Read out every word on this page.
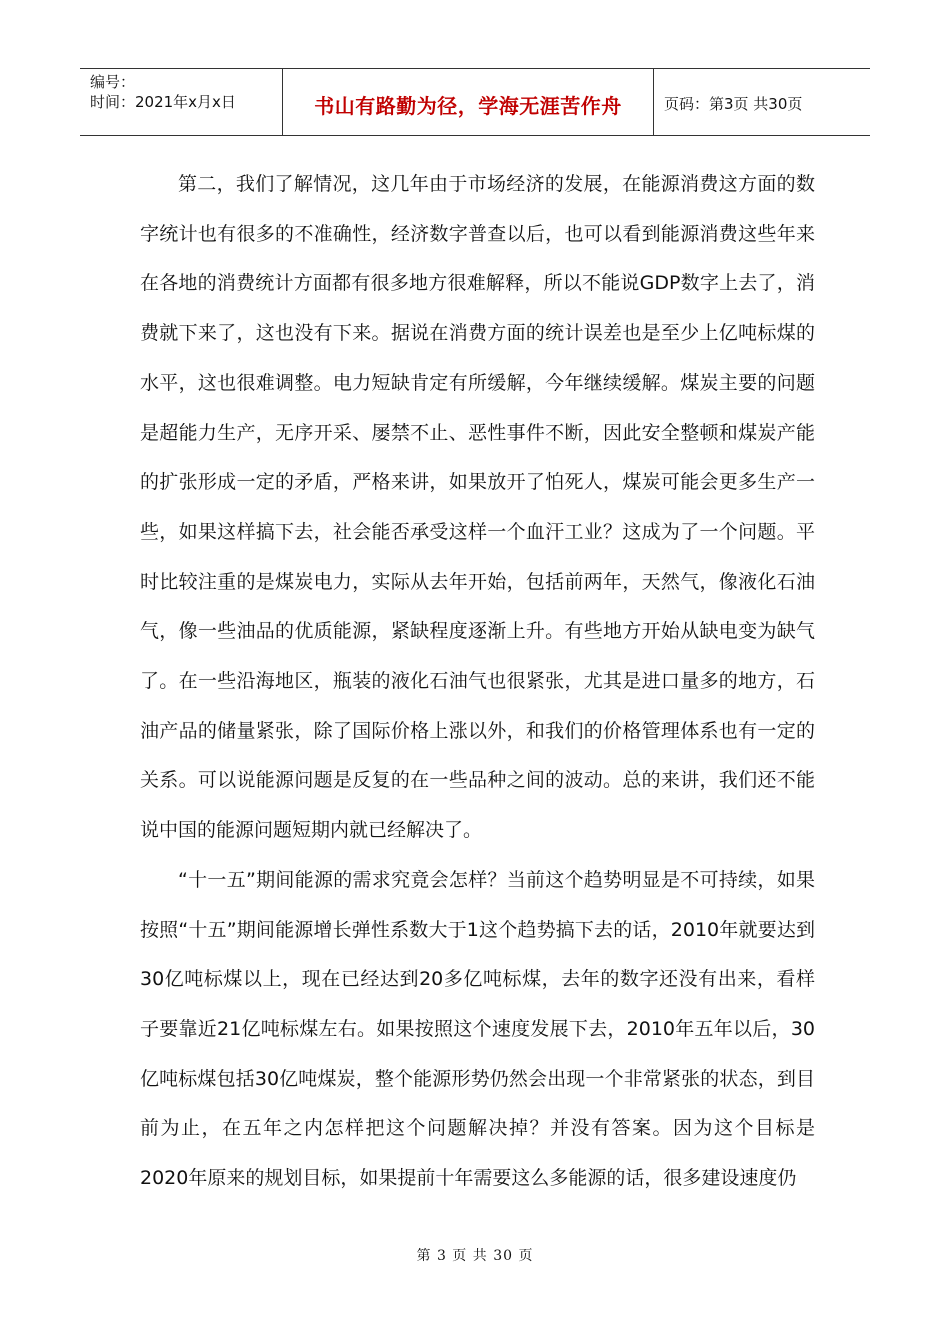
编号：
时间：2021年x月x日	书山有路勤为径，学海无涯苦作舟	页码：第3页 共30页

第二，我们了解情况，这几年由于市场经济的发展，在能源消费这方面的数字统计也有很多的不准确性，经济数字普查以后，也可以看到能源消费这些年来在各地的消费统计方面都有很多地方很难解释，所以不能说GDP数字上去了，消费就下来了，这也没有下来。据说在消费方面的统计误差也是至少上亿吨标煤的水平，这也很难调整。电力短缺肯定有所缓解，今年继续缓解。煤炭主要的问题是超能力生产，无序开采、屡禁不止、恶性事件不断，因此安全整顿和煤炭产能的扩张形成一定的矛盾，严格来讲，如果放开了怕死人，煤炭可能会更多生产一些，如果这样搞下去，社会能否承受这样一个血汗工业？这成为了一个问题。平时比较注重的是煤炭电力，实际从去年开始，包括前两年，天然气，像液化石油气，像一些油品的优质能源，紧缺程度逐渐上升。有些地方开始从缺电变为缺气了。在一些沿海地区，瓶装的液化石油气也很紧张，尤其是进口量多的地方，石油产品的储量紧张，除了国际价格上涨以外，和我们的价格管理体系也有一定的关系。可以说能源问题是反复的在一些品种之间的波动。总的来讲，我们还不能说中国的能源问题短期内就已经解决了。

“十一五”期间能源的需求究竟会怎样？当前这个趋势明显是不可持续，如果按照“十五”期间能源增长弹性系数大于1这个趋势搞下去的话，2010年就要达到30亿吨标煤以上，现在已经达到20多亿吨标煤，去年的数字还没有出来，看样子要靠近21亿吨标煤左右。如果按照这个速度发展下去，2010年五年以后，30亿吨标煤包括30亿吨煤炭，整个能源形势仍然会出现一个非常紧张的状态，到目前为止，在五年之内怎样把这个问题解决掉？并没有答案。因为这个目标是2020年原来的规划目标，如果提前十年需要这么多能源的话，很多建设速度仍

第 3 页 共 30 页
